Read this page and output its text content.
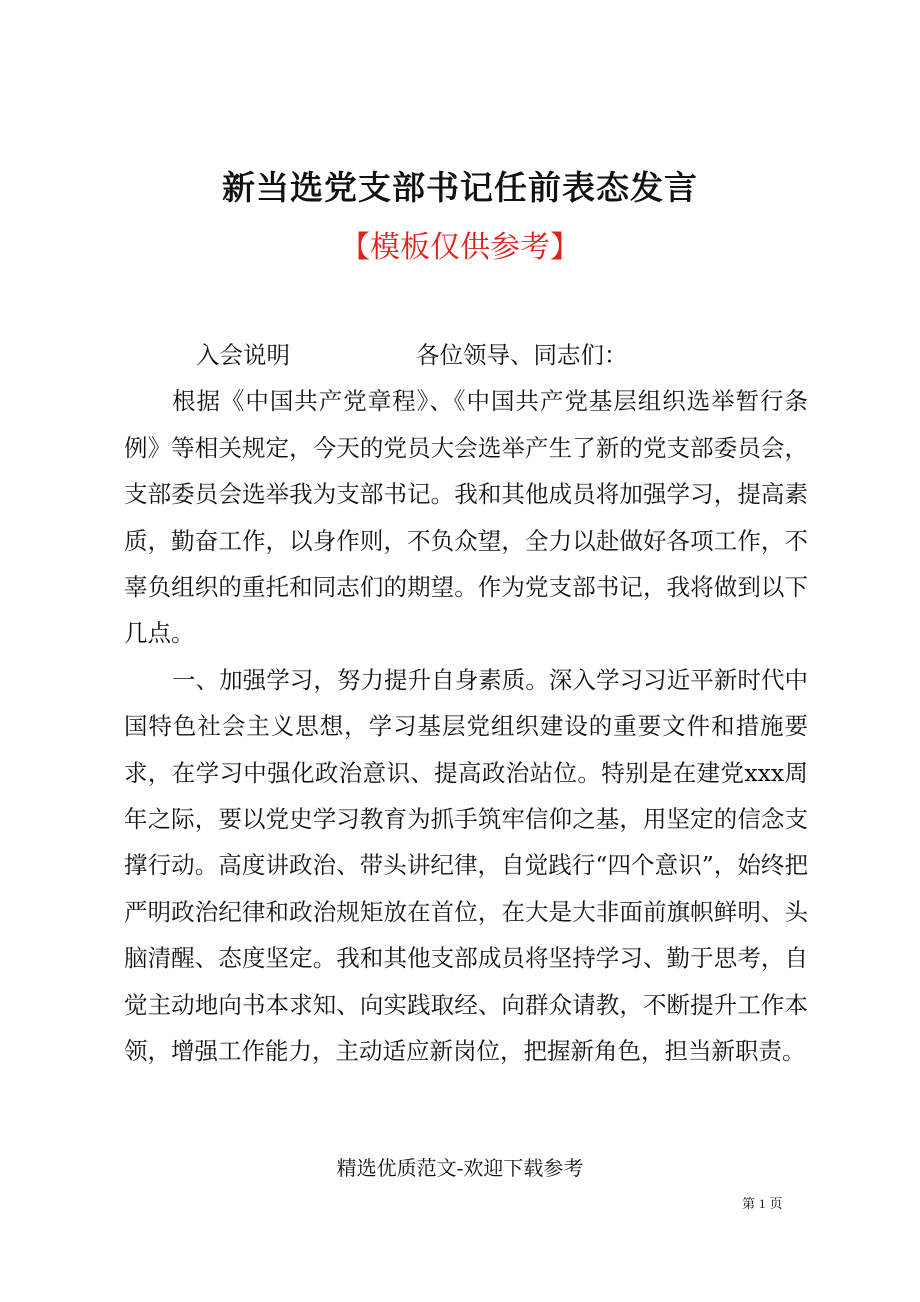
新当选党支部书记任前表态发言
【模板仅供参考】
入会说明	各位领导、同志们：

根据《中国共产党章程》、《中国共产党基层组织选举暂行条例》等相关规定，今天的党员大会选举产生了新的党支部委员会，支部委员会选举我为支部书记。我和其他成员将加强学习，提高素质，勤奋工作，以身作则，不负众望，全力以赴做好各项工作，不辜负组织的重托和同志们的期望。作为党支部书记，我将做到以下几点。

一、加强学习，努力提升自身素质。深入学习习近平新时代中国特色社会主义思想，学习基层党组织建设的重要文件和措施要求，在学习中强化政治意识、提高政治站位。特别是在建党xxx周年之际，要以党史学习教育为抓手筑牢信仰之基，用坚定的信念支撑行动。高度讲政治、带头讲纪律，自觉践行“四个意识”，始终把严明政治纪律和政治规矩放在首位，在大是大非面前旗帜鲜明、头脑清醒、态度坚定。我和其他支部成员将坚持学习、勤于思考，自觉主动地向书本求知、向实践取经、向群众请教，不断提升工作本领，增强工作能力，主动适应新岗位，把握新角色，担当新职责。

精选优质范文-欢迎下载参考
第 1 页
